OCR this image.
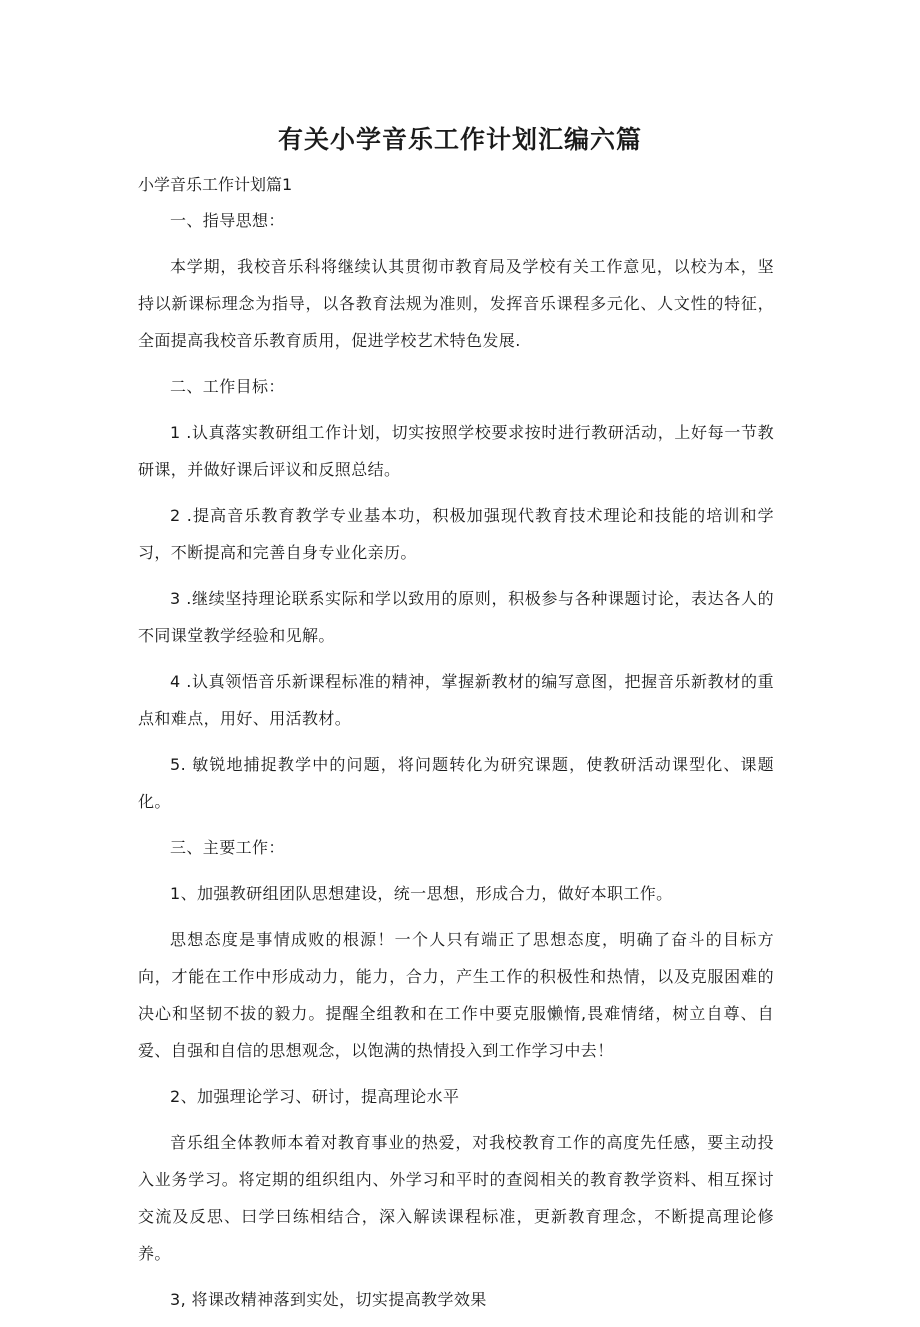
有关小学音乐工作计划汇编六篇

小学音乐工作计划篇1

一、指导思想：

本学期，我校音乐科将继续认其贯彻市教育局及学校有关工作意见，以校为本，坚持以新课标理念为指导，以各教育法规为准则，发挥音乐课程多元化、人文性的特征，全面提高我校音乐教育质用，促进学校艺术特色发展.

二、工作目标：

1 .认真落实教研组工作计划，切实按照学校要求按时进行教研活动，上好每一节教研课，并做好课后评议和反照总结。

2 .提高音乐教育教学专业基本功，积极加强现代教育技术理论和技能的培训和学习，不断提高和完善自身专业化亲历。

3 .继续坚持理论联系实际和学以致用的原则，积极参与各种课题讨论，表达各人的不同课堂教学经验和见解。

4 .认真领悟音乐新课程标准的精神，掌握新教材的编写意图，把握音乐新教材的重点和难点，用好、用活教材。

5. 敏锐地捕捉教学中的问题，将问题转化为研究课题，使教研活动课型化、课题化。

三、主要工作：

1、加强教研组团队思想建设，统一思想，形成合力，做好本职工作。

思想态度是事情成败的根源！一个人只有端正了思想态度，明确了奋斗的目标方向，才能在工作中形成动力，能力，合力，产生工作的积极性和热情，以及克服困难的决心和坚韧不拔的毅力。提醒全组教和在工作中要克服懒惰,畏难情绪，树立自尊、自爱、自强和自信的思想观念，以饱满的热情投入到工作学习中去！

2、加强理论学习、研讨，提高理论水平

音乐组全体教师本着对教育事业的热爱，对我校教育工作的高度先任感，要主动投入业务学习。将定期的组织组内、外学习和平时的查阅相关的教育教学资料、相互探讨交流及反思、曰学曰练相结合，深入解读课程标准，更新教育理念，不断提高理论修养。

3, 将课改精神落到实处，切实提高教学效果
